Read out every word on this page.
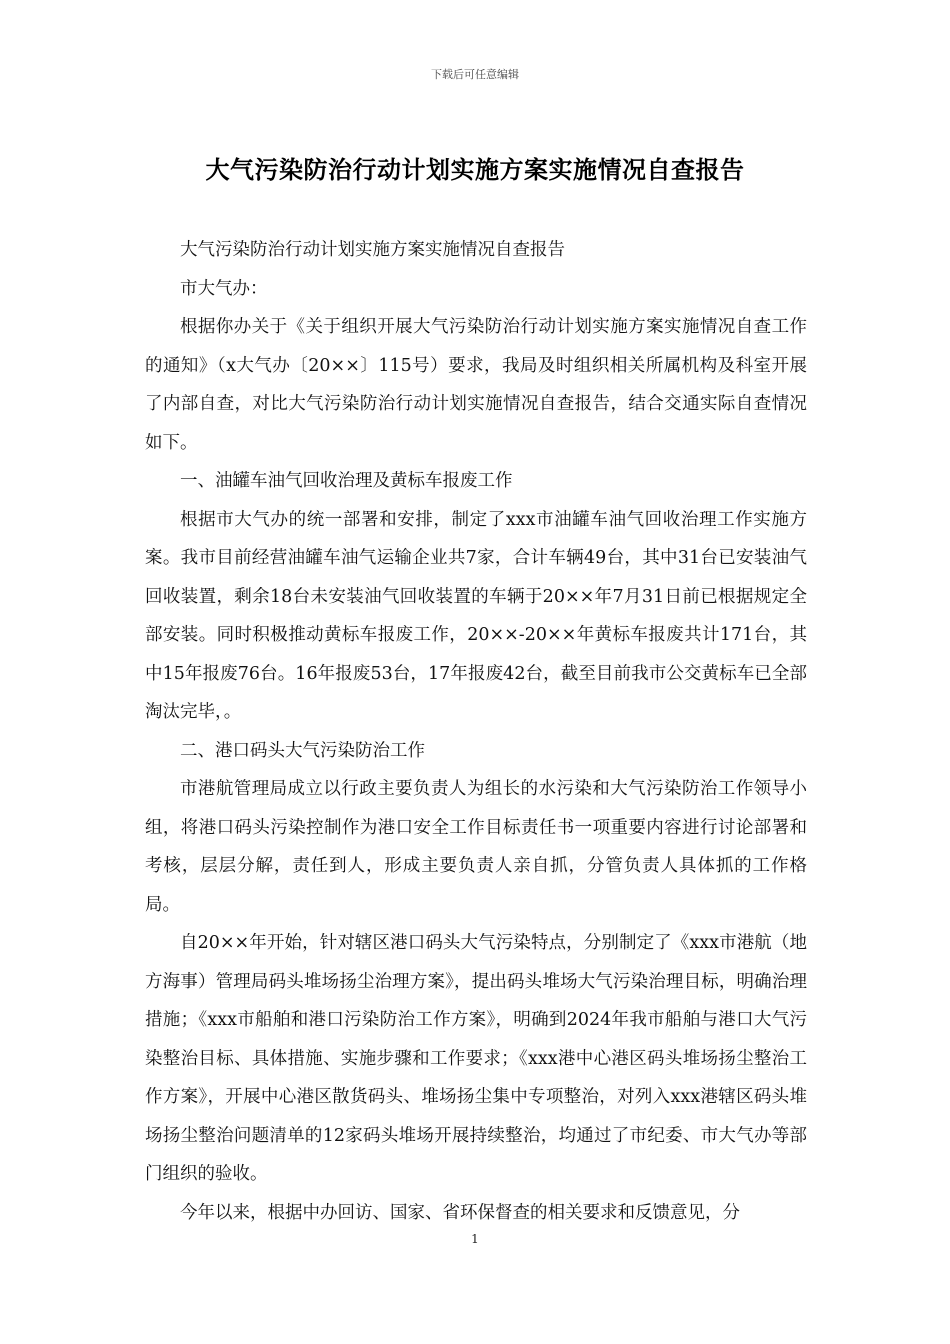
下载后可任意编辑
大气污染防治行动计划实施方案实施情况自查报告

大气污染防治行动计划实施方案实施情况自查报告

市大气办：

根据你办关于《关于组织开展大气污染防治行动计划实施方案实施情况自查工作的通知》（x大气办〔20××〕115号）要求，我局及时组织相关所属机构及科室开展了内部自查，对比大气污染防治行动计划实施情况自查报告，结合交通实际自查情况如下。

一、油罐车油气回收治理及黄标车报废工作

根据市大气办的统一部署和安排，制定了xxx市油罐车油气回收治理工作实施方案。我市目前经营油罐车油气运输企业共7家，合计车辆49台，其中31台已安装油气回收装置，剩余18台未安装油气回收装置的车辆于20××年7月31日前已根据规定全部安装。同时积极推动黄标车报废工作，20××-20××年黄标车报废共计171台，其中15年报废76台。16年报废53台，17年报废42台，截至目前我市公交黄标车已全部淘汰完毕，。

二、港口码头大气污染防治工作

市港航管理局成立以行政主要负责人为组长的水污染和大气污染防治工作领导小组，将港口码头污染控制作为港口安全工作目标责任书一项重要内容进行讨论部署和考核，层层分解，责任到人，形成主要负责人亲自抓，分管负责人具体抓的工作格局。

自20××年开始，针对辖区港口码头大气污染特点，分别制定了《xxx市港航（地方海事）管理局码头堆场扬尘治理方案》，提出码头堆场大气污染治理目标，明确治理措施；《xxx市船舶和港口污染防治工作方案》，明确到2024年我市船舶与港口大气污染整治目标、具体措施、实施步骤和工作要求；《xxx港中心港区码头堆场扬尘整治工作方案》，开展中心港区散货码头、堆场扬尘集中专项整治，对列入xxx港辖区码头堆场扬尘整治问题清单的12家码头堆场开展持续整治，均通过了市纪委、市大气办等部门组织的验收。

今年以来，根据中办回访、国家、省环保督查的相关要求和反馈意见，分

1
